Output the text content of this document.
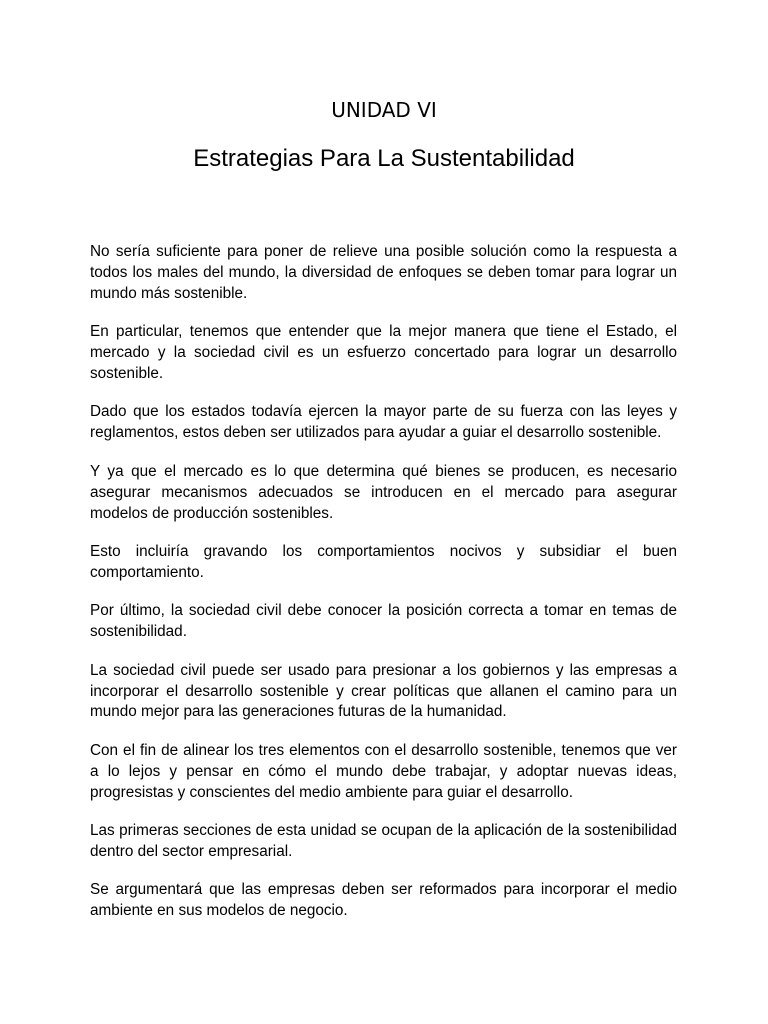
UNIDAD VI
Estrategias Para La Sustentabilidad

No sería suficiente para poner de relieve una posible solución como la respuesta a todos los males del mundo, la diversidad de enfoques se deben tomar para lograr un mundo más sostenible.

En particular, tenemos que entender que la mejor manera que tiene el Estado, el mercado y la sociedad civil es un esfuerzo concertado para lograr un desarrollo sostenible.

Dado que los estados todavía ejercen la mayor parte de su fuerza con las leyes y reglamentos, estos deben ser utilizados para ayudar a guiar el desarrollo sostenible.

Y ya que el mercado es lo que determina qué bienes se producen, es necesario asegurar mecanismos adecuados se introducen en el mercado para asegurar modelos de producción sostenibles.

Esto incluiría gravando los comportamientos nocivos y subsidiar el buen comportamiento.

Por último, la sociedad civil debe conocer la posición correcta a tomar en temas de sostenibilidad.

La sociedad civil puede ser usado para presionar a los gobiernos y las empresas a incorporar el desarrollo sostenible y crear políticas que allanen el camino para un mundo mejor para las generaciones futuras de la humanidad.

Con el fin de alinear los tres elementos con el desarrollo sostenible, tenemos que ver a lo lejos y pensar en cómo el mundo debe trabajar, y adoptar nuevas ideas, progresistas y conscientes del medio ambiente para guiar el desarrollo.

Las primeras secciones de esta unidad se ocupan de la aplicación de la sostenibilidad dentro del sector empresarial.

Se argumentará que las empresas deben ser reformados para incorporar el medio ambiente en sus modelos de negocio.
